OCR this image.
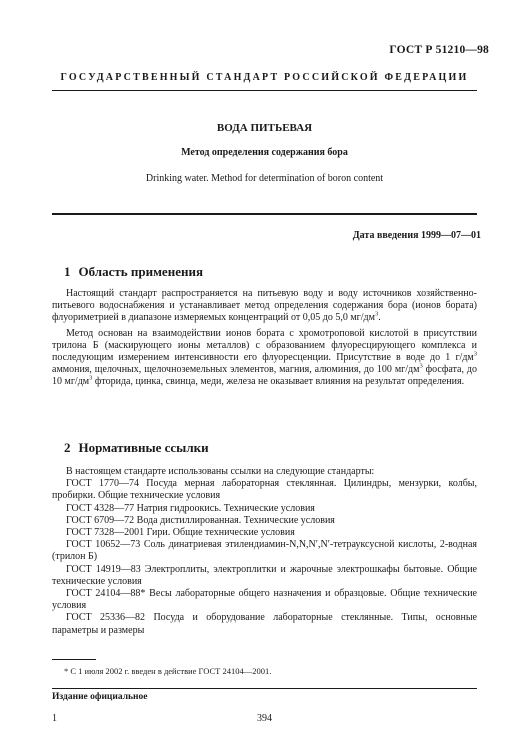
ГОСТ Р 51210—98
ГОСУДАРСТВЕННЫЙ СТАНДАРТ РОССИЙСКОЙ ФЕДЕРАЦИИ
ВОДА ПИТЬЕВАЯ
Метод определения содержания бора
Drinking water. Method for determination of boron content
Дата введения 1999—07—01
1 Область применения

Настоящий стандарт распространяется на питьевую воду и воду источников хозяйственно-питьевого водоснабжения и устанавливает метод определения содержания бора (ионов бората) флуориметрией в диапазоне измеряемых концентраций от 0,05 до 5,0 $мг/дм^3$.

Метод основан на взаимодействии ионов бората с хромотроповой кислотой в присутствии трилона Б (маскирующего ионы металлов) с образованием флуоресцирующего комплекса и последующим измерением интенсивности его флуоресценции. Присутствие в воде до 1 $г/дм^3$ аммония, щелочных, щелочноземельных элементов, магния, алюминия, до 100 $мг/дм^3$ фосфата, до 10 $мг/дм^3$ фторида, цинка, свинца, меди, железа не оказывает влияния на результат определения.

2 Нормативные ссылки

В настоящем стандарте использованы ссылки на следующие стандарты:

ГОСТ 1770—74 Посуда мерная лабораторная стеклянная. Цилиндры, мензурки, колбы, пробирки. Общие технические условия

ГОСТ 4328—77 Натрия гидроокись. Технические условия

ГОСТ 6709—72 Вода дистиллированная. Технические условия

ГОСТ 7328—2001 Гири. Общие технические условия

ГОСТ 10652—73 Соль динатриевая этилендиамин-N,N,N′,N′-тетрауксусной кислоты, 2-водная (трилон Б)

ГОСТ 14919—83 Электроплиты, электроплитки и жарочные электрошкафы бытовые. Общие технические условия

ГОСТ 24104—88* Весы лабораторные общего назначения и образцовые. Общие технические условия

ГОСТ 25336—82 Посуда и оборудование лабораторные стеклянные. Типы, основные параметры и размеры

* С 1 июля 2002 г. введен в действие ГОСТ 24104—2001.
Издание официальное
1	394
